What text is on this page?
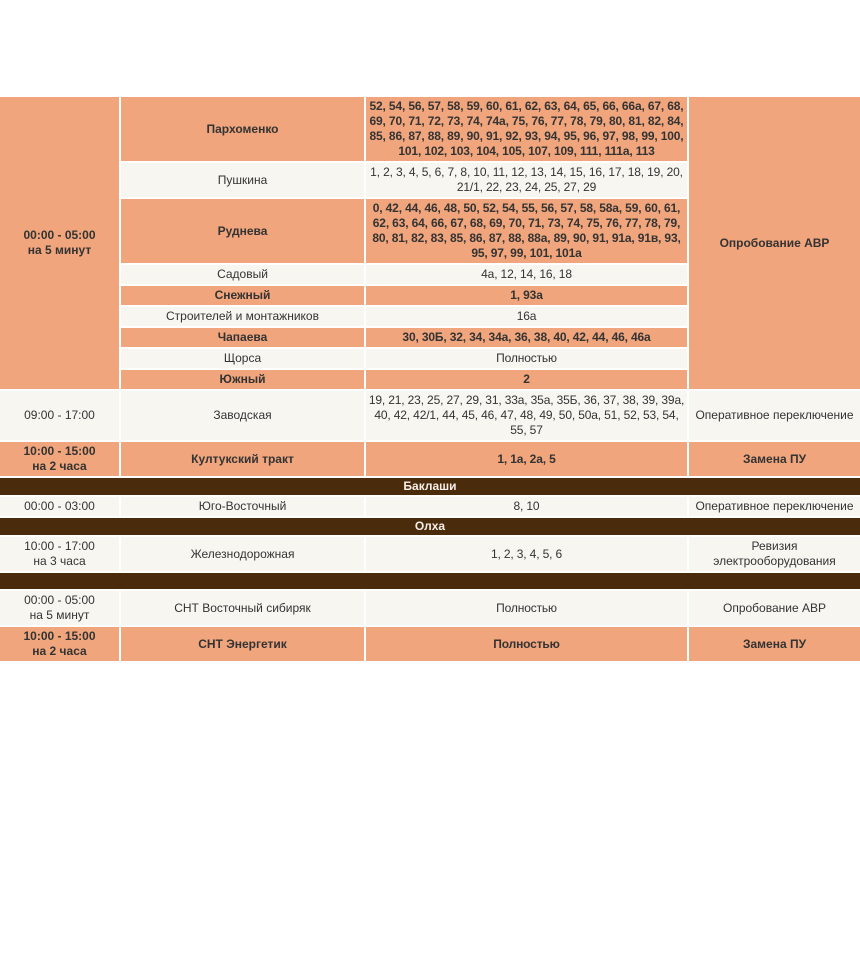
00:00 - 05:00
на 5 минут	Пархоменко	52, 54, 56, 57, 58, 59, 60, 61, 62, 63, 64, 65, 66, 66а, 67, 68, 69, 70, 71, 72, 73, 74, 74а, 75, 76, 77, 78, 79, 80, 81, 82, 84, 85, 86, 87, 88, 89, 90, 91, 92, 93, 94, 95, 96, 97, 98, 99, 100, 101, 102, 103, 104, 105, 107, 109, 111, 111а, 113	Опробование АВР
	Пушкина	1, 2, 3, 4, 5, 6, 7, 8, 10, 11, 12, 13, 14, 15, 16, 17, 18, 19, 20, 21/1, 22, 23, 24, 25, 27, 29	
	Руднева	0, 42, 44, 46, 48, 50, 52, 54, 55, 56, 57, 58, 58а, 59, 60, 61, 62, 63, 64, 66, 67, 68, 69, 70, 71, 73, 74, 75, 76, 77, 78, 79, 80, 81, 82, 83, 85, 86, 87, 88, 88а, 89, 90, 91, 91а, 91в, 93, 95, 97, 99, 101, 101а	
	Садовый	4а, 12, 14, 16, 18	
	Снежный	1, 93а	
	Строителей и монтажников	16а	
	Чапаева	30, 30Б, 32, 34, 34а, 36, 38, 40, 42, 44, 46, 46а	
	Щорса	Полностью	
	Южный	2	

09:00 - 17:00	Заводская	19, 21, 23, 25, 27, 29, 31, 33а, 35а, 35Б, 36, 37, 38, 39, 39а, 40, 42, 42/1, 44, 45, 46, 47, 48, 49, 50, 50а, 51, 52, 53, 54, 55, 57	Оперативное переключение

10:00 - 15:00
на 2 часа	Култукский тракт	1, 1а, 2а, 5	Замена ПУ
Баклаши			

00:00 - 03:00	Юго-Восточный	8, 10	Оперативное переключение
Олха			

10:00 - 17:00
на 3 часа	Железнодорожная	1, 2, 3, 4, 5, 6	Ревизия электрооборудования

00:00 - 05:00
на 5 минут	СНТ Восточный сибиряк	Полностью	Опробование АВР

10:00 - 15:00
на 2 часа	СНТ Энергетик	Полностью	Замена ПУ
